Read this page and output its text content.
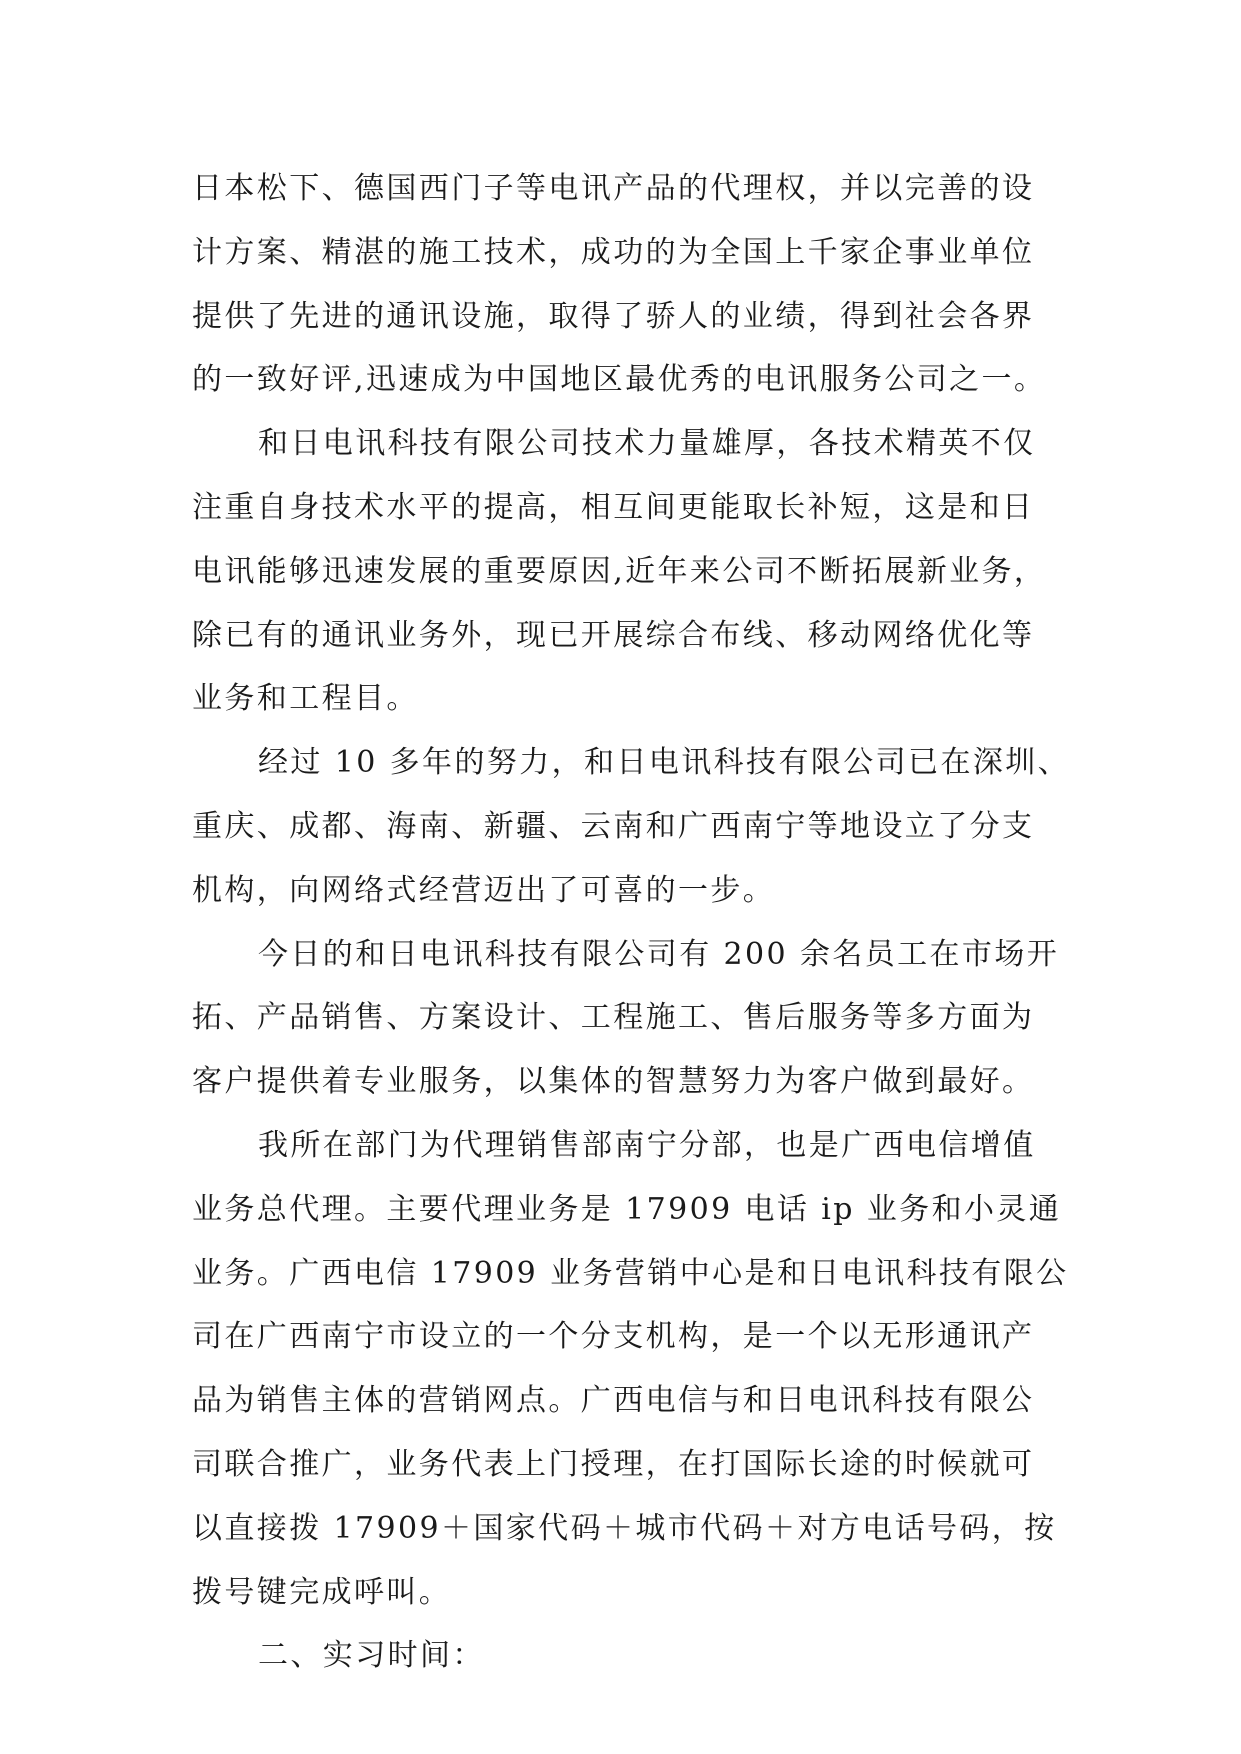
日本松下、德国西门子等电讯产品的代理权，并以完善的设
计方案、精湛的施工技术，成功的为全国上千家企事业单位
提供了先进的通讯设施，取得了骄人的业绩，得到社会各界
的一致好评,迅速成为中国地区最优秀的电讯服务公司之一。
和日电讯科技有限公司技术力量雄厚，各技术精英不仅
注重自身技术水平的提高，相互间更能取长补短，这是和日
电讯能够迅速发展的重要原因,近年来公司不断拓展新业务，
除已有的通讯业务外，现已开展综合布线、移动网络优化等
业务和工程目。
经过 10 多年的努力，和日电讯科技有限公司已在深圳、
重庆、成都、海南、新疆、云南和广西南宁等地设立了分支
机构，向网络式经营迈出了可喜的一步。
今日的和日电讯科技有限公司有 200 余名员工在市场开
拓、产品销售、方案设计、工程施工、售后服务等多方面为
客户提供着专业服务，以集体的智慧努力为客户做到最好。
我所在部门为代理销售部南宁分部，也是广西电信增值
业务总代理。主要代理业务是 17909 电话 ip 业务和小灵通
业务。广西电信 17909 业务营销中心是和日电讯科技有限公
司在广西南宁市设立的一个分支机构，是一个以无形通讯产
品为销售主体的营销网点。广西电信与和日电讯科技有限公
司联合推广，业务代表上门授理，在打国际长途的时候就可
以直接拨 17909＋国家代码＋城市代码＋对方电话号码，按
拨号键完成呼叫。
二、实习时间：
